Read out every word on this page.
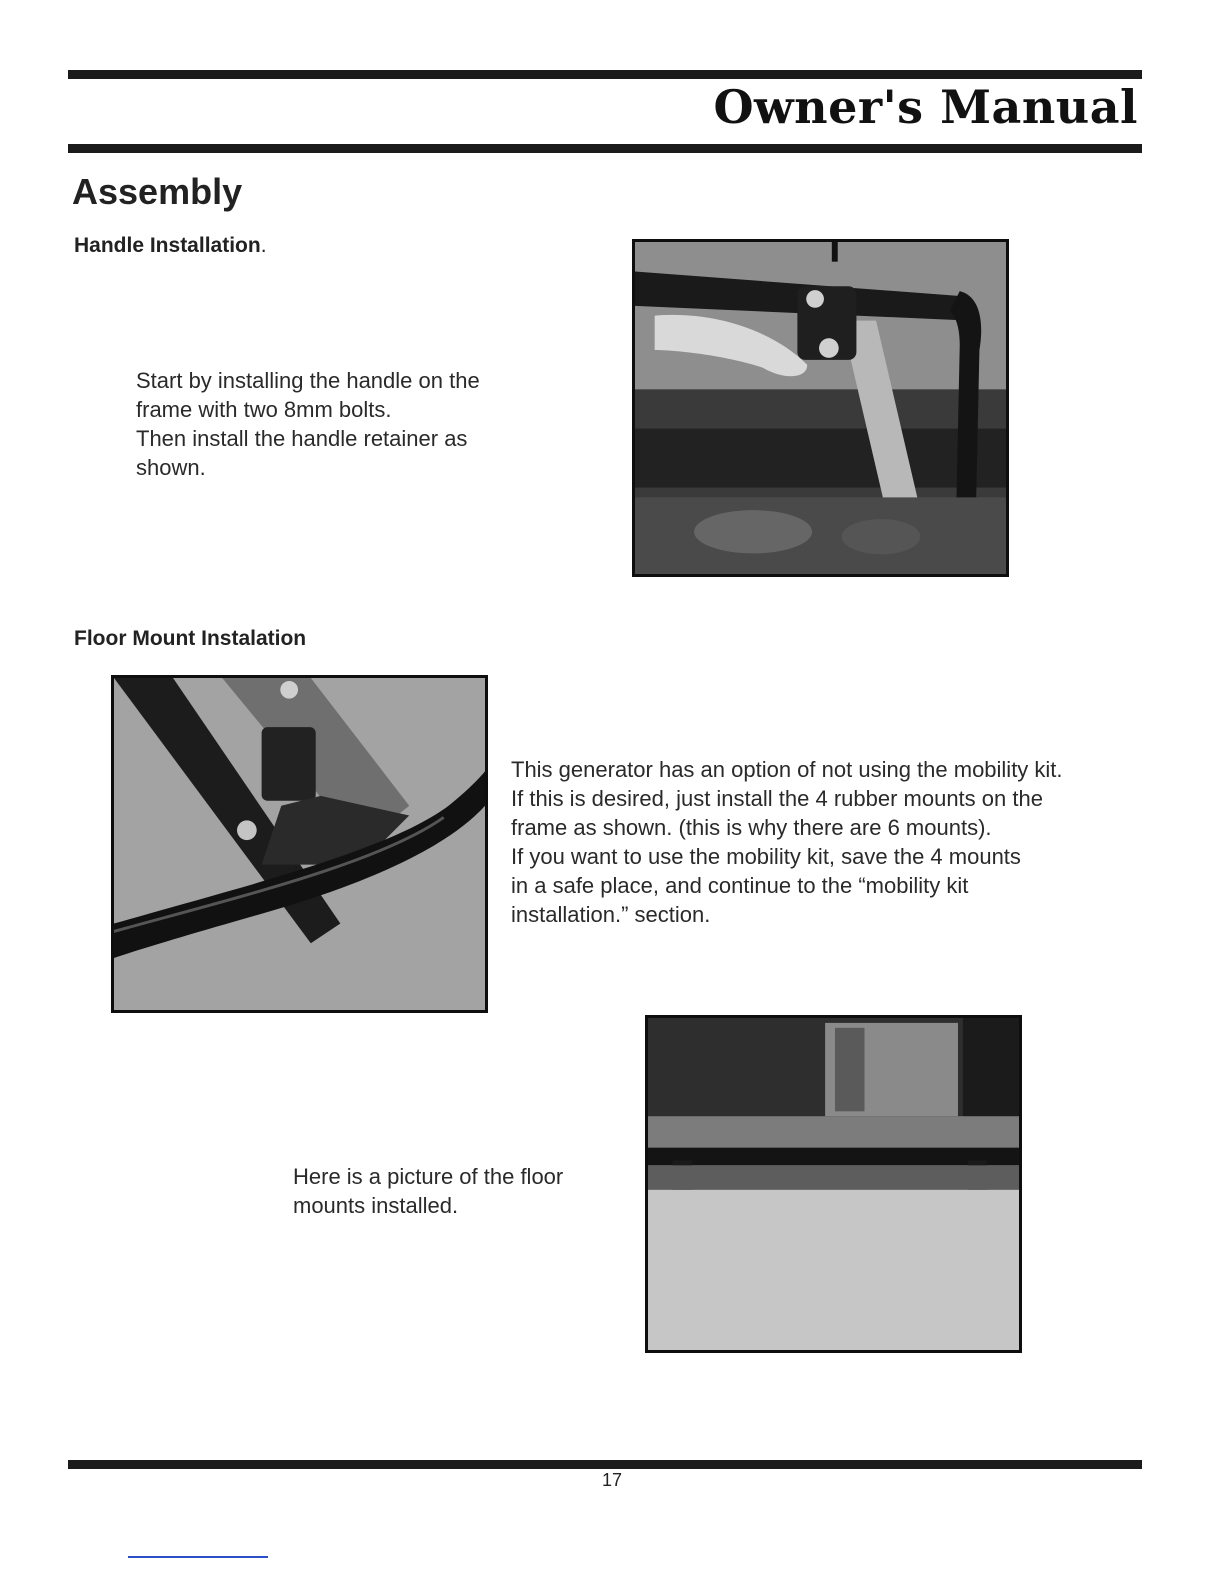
Owner's Manual
Assembly
Handle Installation.

Start by installing the handle on the
frame with two 8mm bolts.
Then install the handle retainer as
shown.

Floor Mount Instalation

This generator has an option of not using the mobility kit.
If this is desired, just install the 4 rubber mounts on the
frame as shown. (this is why there are 6 mounts).
If you want to use the mobility kit, save the 4 mounts
in a safe place, and continue to the “mobility kit
installation.” section.

Here is a picture of the floor
mounts installed.

17
